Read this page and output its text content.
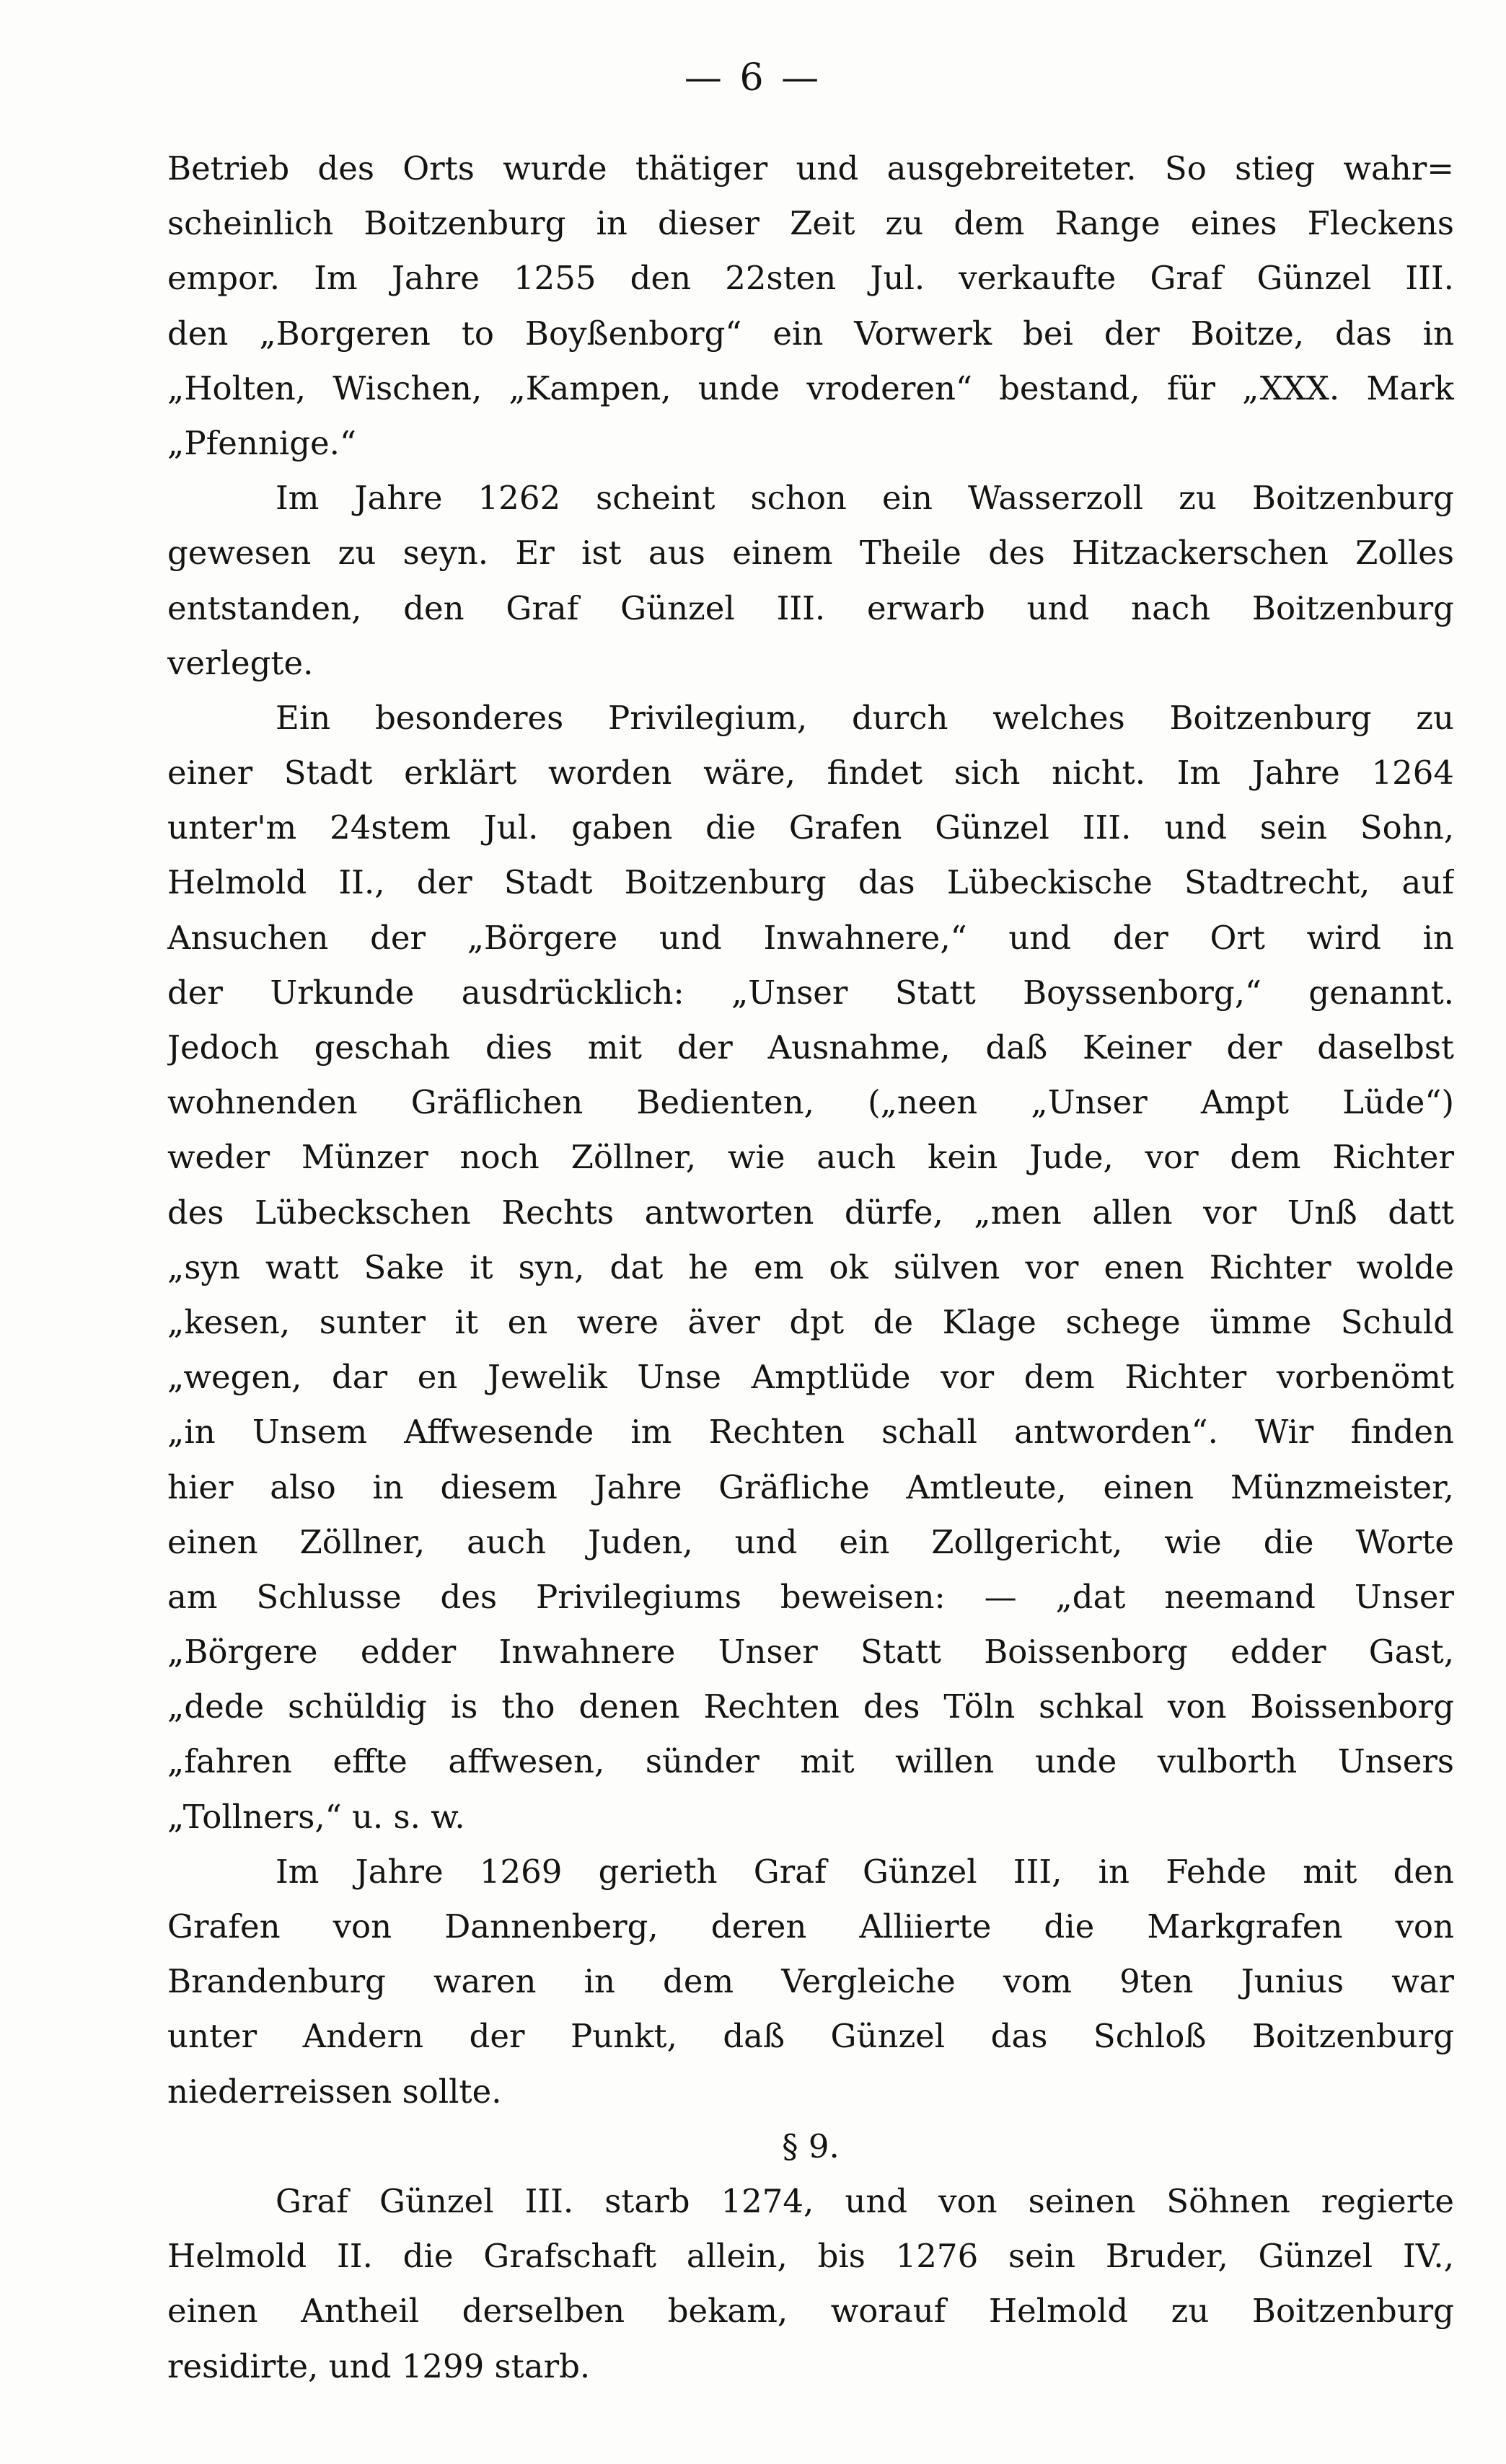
— 6 —
Betrieb des Orts wurde thätiger und ausgebreiteter. So stieg wahr=
scheinlich Boitzenburg in dieser Zeit zu dem Range eines Fleckens
empor. Im Jahre 1255 den 22sten Jul. verkaufte Graf Günzel III.
den „Borgeren to Boyßenborg“ ein Vorwerk bei der Boitze, das in
„Holten, Wischen, „Kampen, unde vroderen“ bestand, für „XXX. Mark
„Pfennige.“
Im Jahre 1262 scheint schon ein Wasserzoll zu Boitzenburg
gewesen zu seyn. Er ist aus einem Theile des Hitzackerschen Zolles
entstanden, den Graf Günzel III. erwarb und nach Boitzenburg
verlegte.
Ein besonderes Privilegium, durch welches Boitzenburg zu
einer Stadt erklärt worden wäre, findet sich nicht. Im Jahre 1264
unter'm 24stem Jul. gaben die Grafen Günzel III. und sein Sohn,
Helmold II., der Stadt Boitzenburg das Lübeckische Stadtrecht, auf
Ansuchen der „Börgere und Inwahnere,“ und der Ort wird in
der Urkunde ausdrücklich: „Unser Statt Boyssenborg,“ genannt.
Jedoch geschah dies mit der Ausnahme, daß Keiner der daselbst
wohnenden Gräflichen Bedienten, („neen „Unser Ampt Lüde“)
weder Münzer noch Zöllner, wie auch kein Jude, vor dem Richter
des Lübeckschen Rechts antworten dürfe, „men allen vor Unß datt
„syn watt Sake it syn, dat he em ok sülven vor enen Richter wolde
„kesen, sunter it en were äver dpt de Klage schege ümme Schuld
„wegen, dar en Jewelik Unse Amptlüde vor dem Richter vorbenömt
„in Unsem Affwesende im Rechten schall antworden“. Wir finden
hier also in diesem Jahre Gräfliche Amtleute, einen Münzmeister,
einen Zöllner, auch Juden, und ein Zollgericht, wie die Worte
am Schlusse des Privilegiums beweisen: — „dat neemand Unser
„Börgere edder Inwahnere Unser Statt Boissenborg edder Gast,
„dede schüldig is tho denen Rechten des Töln schkal von Boissenborg
„fahren effte affwesen, sünder mit willen unde vulborth Unsers
„Tollners,“ u. s. w.
Im Jahre 1269 gerieth Graf Günzel III, in Fehde mit den
Grafen von Dannenberg, deren Alliierte die Markgrafen von
Brandenburg waren in dem Vergleiche vom 9ten Junius war
unter Andern der Punkt, daß Günzel das Schloß Boitzenburg
niederreissen sollte.
§ 9.
Graf Günzel III. starb 1274, und von seinen Söhnen regierte
Helmold II. die Grafschaft allein, bis 1276 sein Bruder, Günzel IV.,
einen Antheil derselben bekam, worauf Helmold zu Boitzenburg
residirte, und 1299 starb.
